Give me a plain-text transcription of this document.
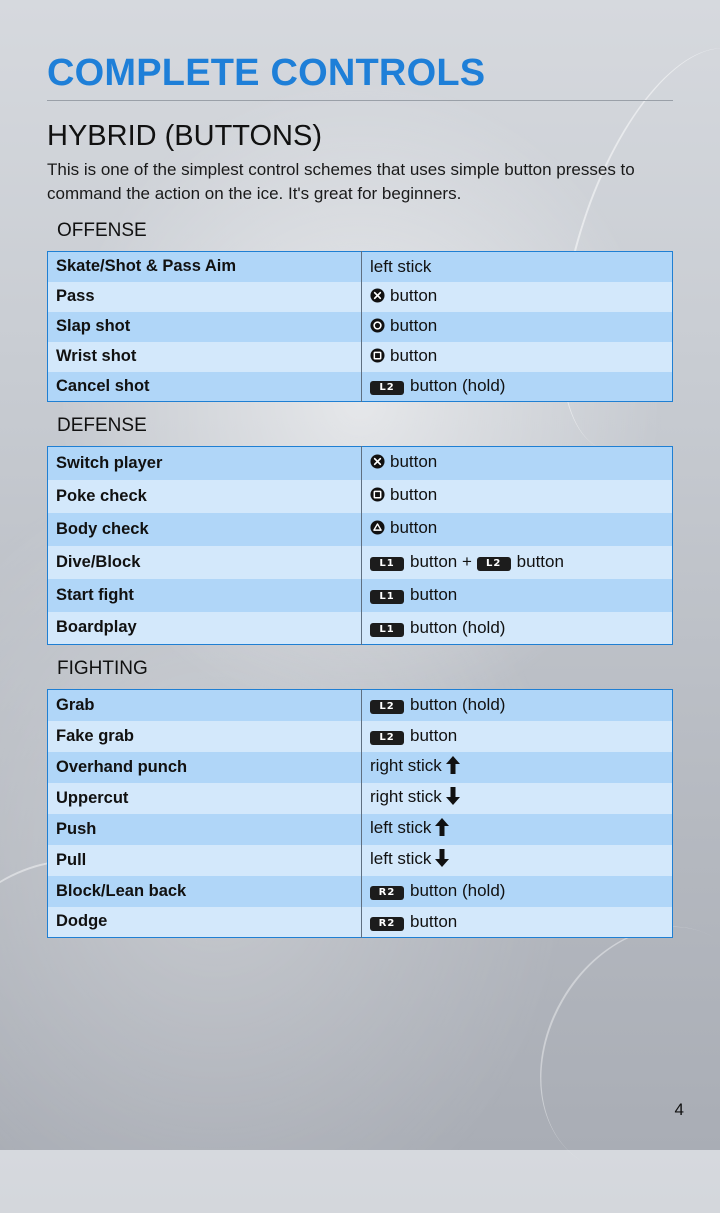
COMPLETE CONTROLS
HYBRID (BUTTONS)

This is one of the simplest control schemes that uses simple button presses to command the action on the ice. It's great for beginners.

OFFENSE
Skate/Shot & Pass Aim	left stick
Pass	button
Slap shot	button
Wrist shot	button
Cancel shot	L2 button (hold)
DEFENSE
Switch player	button
Poke check	button
Body check	button
Dive/Block	L1 button + L2 button
Start fight	L1 button
Boardplay	L1 button (hold)
FIGHTING
Grab	L2 button (hold)
Fake grab	L2 button
Overhand punch	right stick
Uppercut	right stick
Push	left stick
Pull	left stick
Block/Lean back	R2 button (hold)
Dodge	R2 button
4
